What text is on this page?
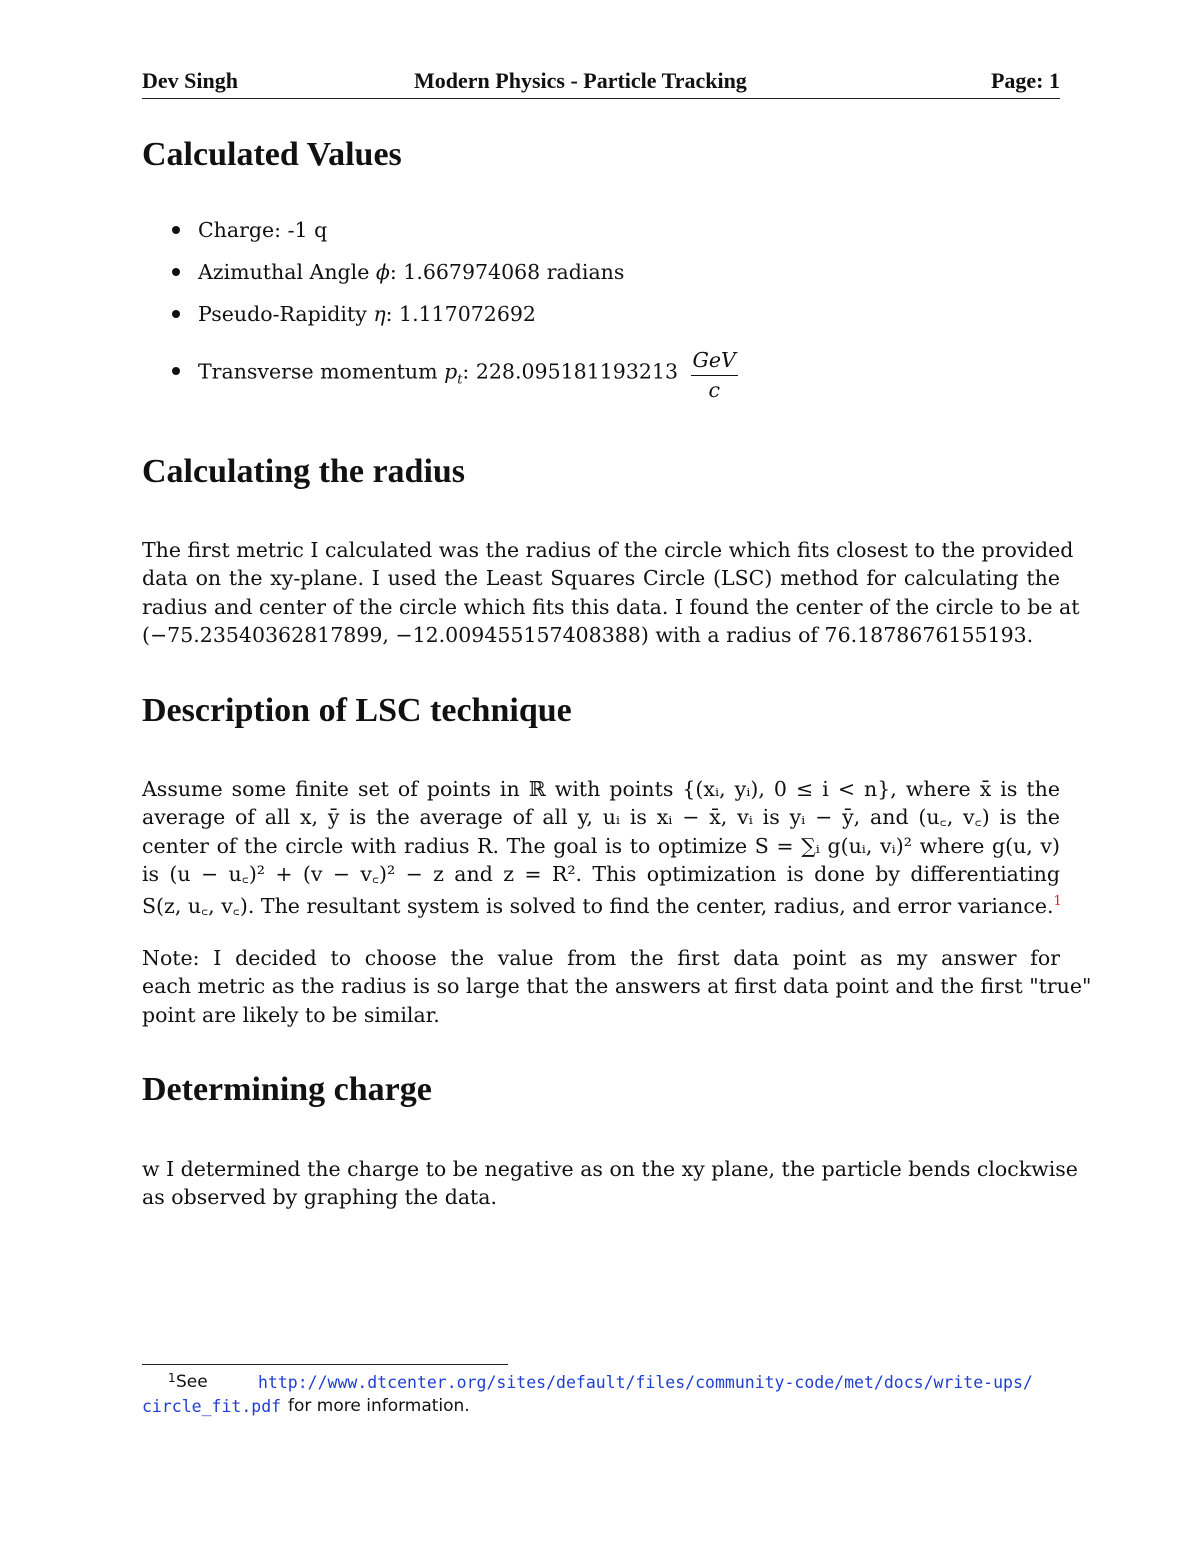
Dev Singh	Modern Physics - Particle Tracking	Page: 1
Calculated Values
Charge: -1 q
Azimuthal Angle ϕ: 1.667974068 radians
Pseudo-Rapidity η: 1.117072692
Transverse momentum $p_t$: $228.095181193213 \frac{\text{GeV}}{c}$
Calculating the radius
The first metric I calculated was the radius of the circle which fits closest to the provided
data on the xy-plane. I used the Least Squares Circle (LSC) method for calculating the
radius and center of the circle which fits this data. I found the center of the circle to be at
(−75.23540362817899, −12.009455157408388) with a radius of 76.1878676155193.
Description of LSC technique
Assume some finite set of points in ℝ with points {(xᵢ, yᵢ), 0 ≤ i < n}, where x̄ is the
average of all x, ȳ is the average of all y, uᵢ is xᵢ − x̄, vᵢ is yᵢ − ȳ, and (u꜀, v꜀) is the
center of the circle with radius R. The goal is to optimize S = ∑ᵢ g(uᵢ, vᵢ)² where g(u, v)
is (u − u꜀)² + (v − v꜀)² − z and z = R². This optimization is done by differentiating
S(z, u꜀, v꜀). The resultant system is solved to find the center, radius, and error variance.$^1$
Note: I decided to choose the value from the first data point as my answer for
each metric as the radius is so large that the answers at first data point and the first "true"
point are likely to be similar.
Determining charge
w I determined the charge to be negative as on the xy plane, the particle bends clockwise
as observed by graphing the data.
1 See	http://www.dtcenter.org/sites/default/files/community-code/met/docs/write-ups/
circle_fit.pdf for more information.
